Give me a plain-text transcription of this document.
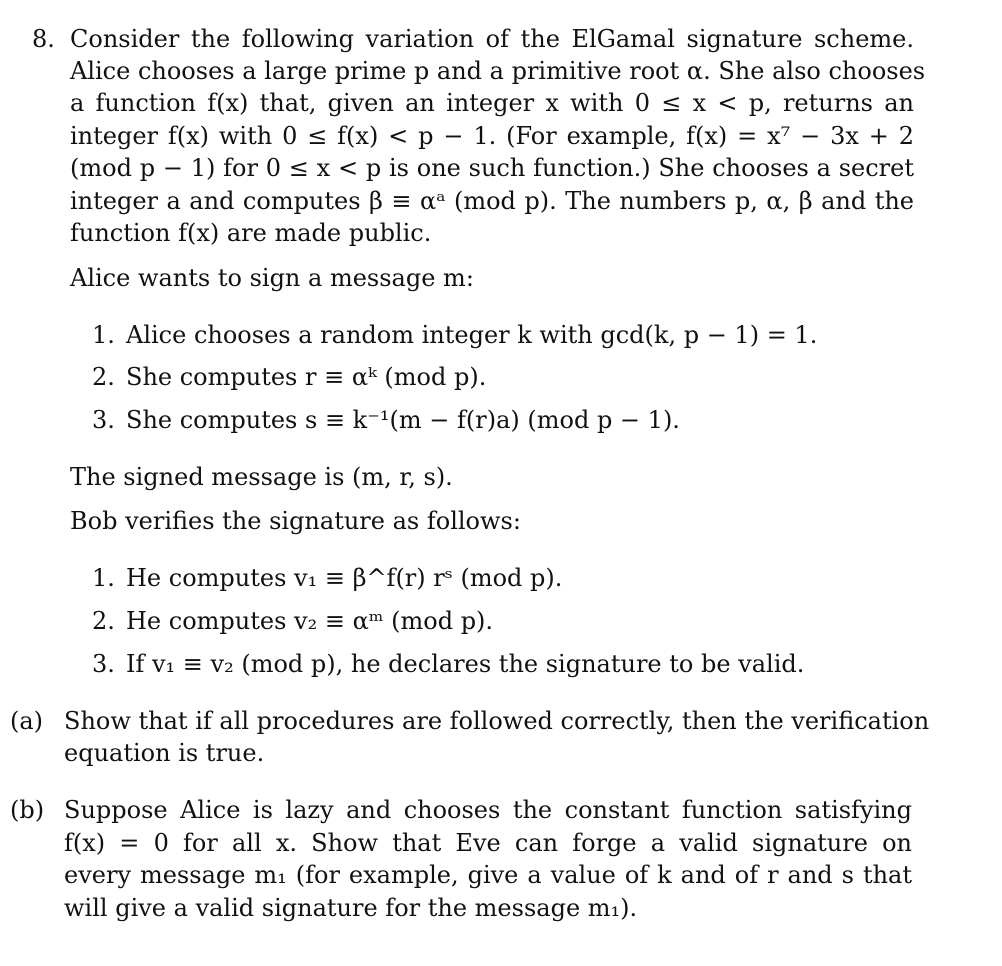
8. Consider the following variation of the ElGamal signature scheme.
Alice chooses a large prime p and a primitive root α. She also chooses
a function f(x) that, given an integer x with 0 ≤ x < p, returns an
integer f(x) with 0 ≤ f(x) < p − 1. (For example, f(x) = x⁷ − 3x + 2
(mod p − 1) for 0 ≤ x < p is one such function.) She chooses a secret
integer a and computes β ≡ αᵃ (mod p). The numbers p, α, β and the
function f(x) are made public.
Alice wants to sign a message m:
1. Alice chooses a random integer k with gcd(k, p − 1) = 1.
2. She computes r ≡ αᵏ (mod p).
3. She computes s ≡ k⁻¹(m − f(r)a) (mod p − 1).
The signed message is (m, r, s).
Bob verifies the signature as follows:
1. He computes v₁ ≡ β^f(r) rˢ (mod p).
2. He computes v₂ ≡ αᵐ (mod p).
3. If v₁ ≡ v₂ (mod p), he declares the signature to be valid.
(a) Show that if all procedures are followed correctly, then the verification
equation is true.
(b) Suppose Alice is lazy and chooses the constant function satisfying
f(x) = 0 for all x. Show that Eve can forge a valid signature on
every message m₁ (for example, give a value of k and of r and s that
will give a valid signature for the message m₁).
